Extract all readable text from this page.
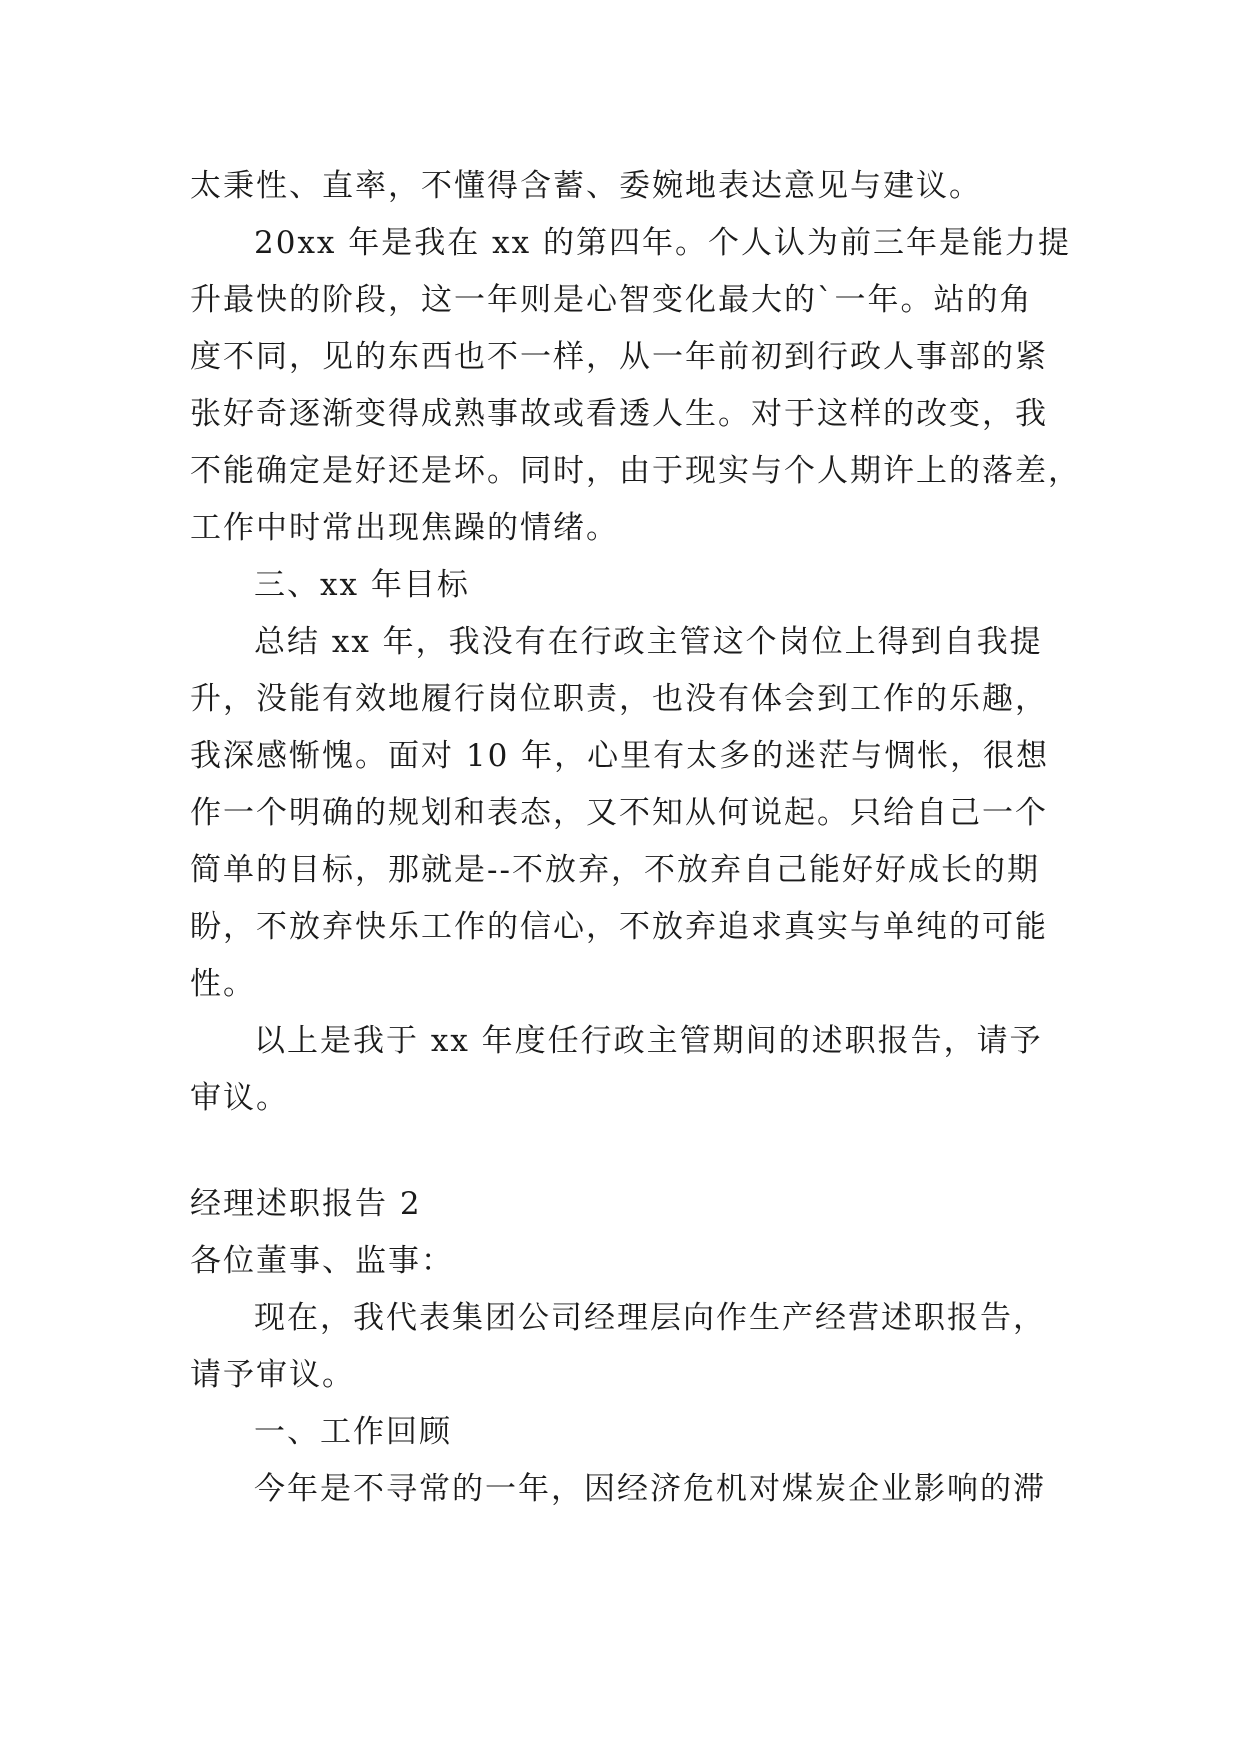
太秉性、直率，不懂得含蓄、委婉地表达意见与建议。
20xx 年是我在 xx 的第四年。个人认为前三年是能力提
升最快的阶段，这一年则是心智变化最大的`一年。站的角
度不同，见的东西也不一样，从一年前初到行政人事部的紧
张好奇逐渐变得成熟事故或看透人生。对于这样的改变，我
不能确定是好还是坏。同时，由于现实与个人期许上的落差，
工作中时常出现焦躁的情绪。
三、xx 年目标
总结 xx 年，我没有在行政主管这个岗位上得到自我提
升，没能有效地履行岗位职责，也没有体会到工作的乐趣，
我深感惭愧。面对 10 年，心里有太多的迷茫与惆怅，很想
作一个明确的规划和表态，又不知从何说起。只给自己一个
简单的目标，那就是--不放弃，不放弃自己能好好成长的期
盼，不放弃快乐工作的信心，不放弃追求真实与单纯的可能
性。
以上是我于 xx 年度任行政主管期间的述职报告，请予
审议。
经理述职报告 2
各位董事、监事：
现在，我代表集团公司经理层向作生产经营述职报告，
请予审议。
一、工作回顾
今年是不寻常的一年，因经济危机对煤炭企业影响的滞
